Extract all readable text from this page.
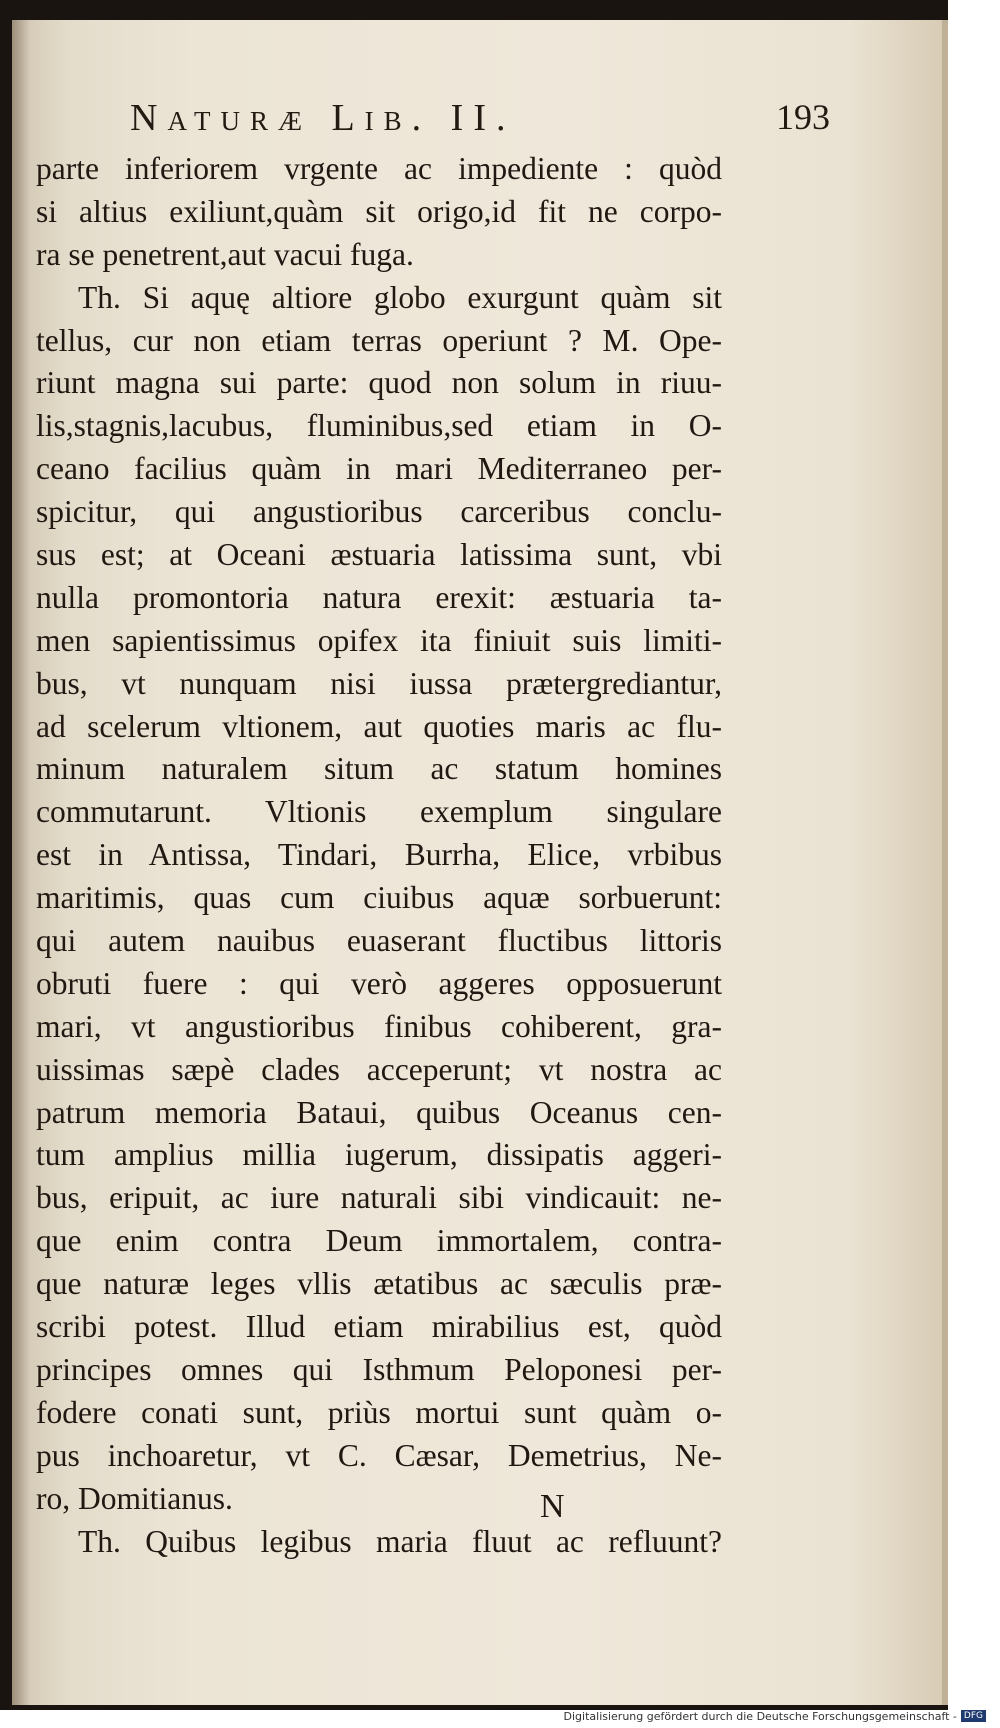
Naturæ Lib. II.	193
parte inferiorem vrgente ac impediente : quòd
si altius exiliunt,quàm sit origo,id fit ne corpo-
ra se penetrent,aut vacui fuga.
Th. Si aquę altiore globo exurgunt quàm sit
tellus, cur non etiam terras operiunt ? M. Ope-
riunt magna sui parte: quod non solum in riuu-
lis,stagnis,lacubus, fluminibus,sed etiam in O-
ceano facilius quàm in mari Mediterraneo per-
spicitur, qui angustioribus carceribus conclu-
sus est; at Oceani æstuaria latissima sunt, vbi
nulla promontoria natura erexit: æstuaria ta-
men sapientissimus opifex ita finiuit suis limiti-
bus, vt nunquam nisi iussa prætergrediantur,
ad scelerum vltionem, aut quoties maris ac flu-
minum naturalem situm ac statum homines
commutarunt. Vltionis exemplum singulare
est in Antissa, Tindari, Burrha, Elice, vrbibus
maritimis, quas cum ciuibus aquæ sorbuerunt:
qui autem nauibus euaserant fluctibus littoris
obruti fuere : qui verò aggeres opposuerunt
mari, vt angustioribus finibus cohiberent, gra-
uissimas sæpè clades acceperunt; vt nostra ac
patrum memoria Bataui, quibus Oceanus cen-
tum amplius millia iugerum, dissipatis aggeri-
bus, eripuit, ac iure naturali sibi vindicauit: ne-
que enim contra Deum immortalem, contra-
que naturæ leges vllis ætatibus ac sæculis præ-
scribi potest. Illud etiam mirabilius est, quòd
principes omnes qui Isthmum Peloponesi per-
fodere conati sunt, priùs mortui sunt quàm o-
pus inchoaretur, vt C. Cæsar, Demetrius, Ne-
ro, Domitianus.
Th. Quibus legibus maria fluut ac refluunt?
N
Digitalisierung gefördert durch die Deutsche Forschungsgemeinschaft - DFG
